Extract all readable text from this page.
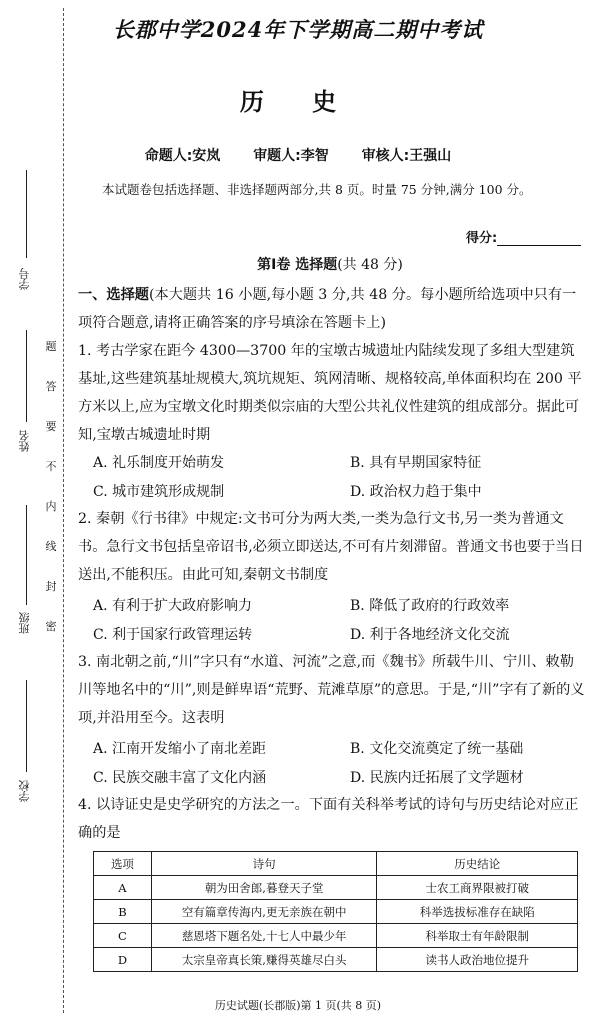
学号
姓名
班级
学校
题
答
要
不
内
线
封
密
长郡中学2024年下学期高二期中考试
历 史
命题人:安岚 审题人:李智 审核人:王强山
本试题卷包括选择题、非选择题两部分,共 8 页。时量 75 分钟,满分 100 分。
得分:
第Ⅰ卷 选择题(共 48 分)
一、选择题(本大题共 16 小题,每小题 3 分,共 48 分。每小题所给选项中只有一项符合题意,请将正确答案的序号填涂在答题卡上)
1. 考古学家在距今 4300—3700 年的宝墩古城遗址内陆续发现了多组大型建筑基址,这些建筑基址规模大,筑坑规矩、筑网清晰、规格较高,单体面积均在 200 平方米以上,应为宝墩文化时期类似宗庙的大型公共礼仪性建筑的组成部分。据此可知,宝墩古城遗址时期
A. 礼乐制度开始萌发	B. 具有早期国家特征
C. 城市建筑形成规制	D. 政治权力趋于集中
2. 秦朝《行书律》中规定:文书可分为两大类,一类为急行文书,另一类为普通文书。急行文书包括皇帝诏书,必须立即送达,不可有片刻滞留。普通文书也要于当日送出,不能积压。由此可知,秦朝文书制度
A. 有利于扩大政府影响力	B. 降低了政府的行政效率
C. 利于国家行政管理运转	D. 利于各地经济文化交流
3. 南北朝之前,“川”字只有“水道、河流”之意,而《魏书》所载牛川、宁川、敕勒川等地名中的“川”,则是鲜卑语“荒野、荒滩草原”的意思。于是,“川”字有了新的义项,并沿用至今。这表明
A. 江南开发缩小了南北差距	B. 文化交流奠定了统一基础
C. 民族交融丰富了文化内涵	D. 民族内迁拓展了文学题材
4. 以诗证史是史学研究的方法之一。下面有关科举考试的诗句与历史结论对应正确的是
选项	诗句	历史结论
A	朝为田舍郎,暮登天子堂	士农工商界限被打破
B	空有篇章传海内,更无亲族在朝中	科举选拔标准存在缺陷
C	慈恩塔下题名处,十七人中最少年	科举取士有年龄限制
D	太宗皇帝真长策,赚得英雄尽白头	读书人政治地位提升
历史试题(长郡版)第 1 页(共 8 页)
